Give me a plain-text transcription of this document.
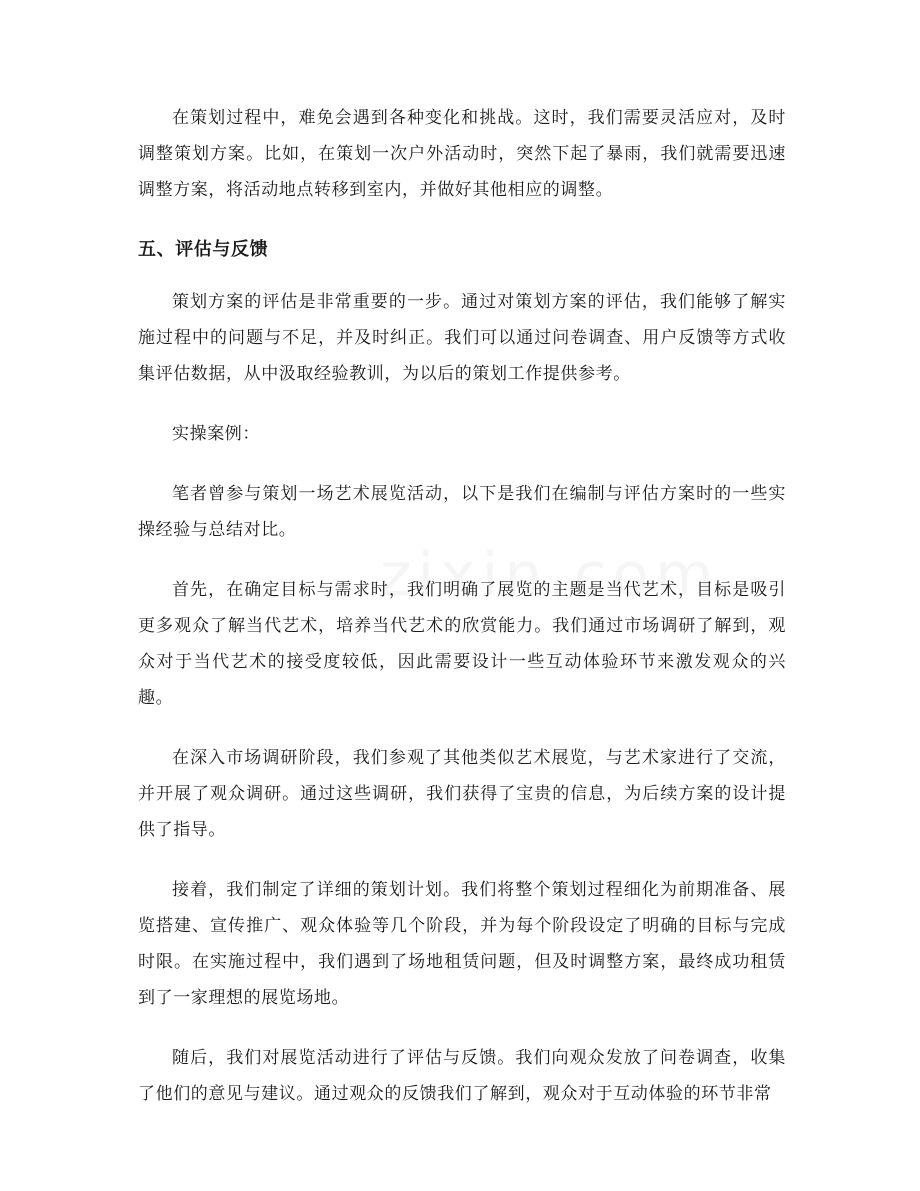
在策划过程中，难免会遇到各种变化和挑战。这时，我们需要灵活应对，及时调整策划方案。比如，在策划一次户外活动时，突然下起了暴雨，我们就需要迅速调整方案，将活动地点转移到室内，并做好其他相应的调整。

五、评估与反馈

策划方案的评估是非常重要的一步。通过对策划方案的评估，我们能够了解实施过程中的问题与不足，并及时纠正。我们可以通过问卷调查、用户反馈等方式收集评估数据，从中汲取经验教训，为以后的策划工作提供参考。

实操案例：

笔者曾参与策划一场艺术展览活动，以下是我们在编制与评估方案时的一些实操经验与总结对比。

首先，在确定目标与需求时，我们明确了展览的主题是当代艺术，目标是吸引更多观众了解当代艺术，培养当代艺术的欣赏能力。我们通过市场调研了解到，观众对于当代艺术的接受度较低，因此需要设计一些互动体验环节来激发观众的兴趣。

在深入市场调研阶段，我们参观了其他类似艺术展览，与艺术家进行了交流，并开展了观众调研。通过这些调研，我们获得了宝贵的信息，为后续方案的设计提供了指导。

接着，我们制定了详细的策划计划。我们将整个策划过程细化为前期准备、展览搭建、宣传推广、观众体验等几个阶段，并为每个阶段设定了明确的目标与完成时限。在实施过程中，我们遇到了场地租赁问题，但及时调整方案，最终成功租赁到了一家理想的展览场地。

随后，我们对展览活动进行了评估与反馈。我们向观众发放了问卷调查，收集了他们的意见与建议。通过观众的反馈我们了解到，观众对于互动体验的环节非常
